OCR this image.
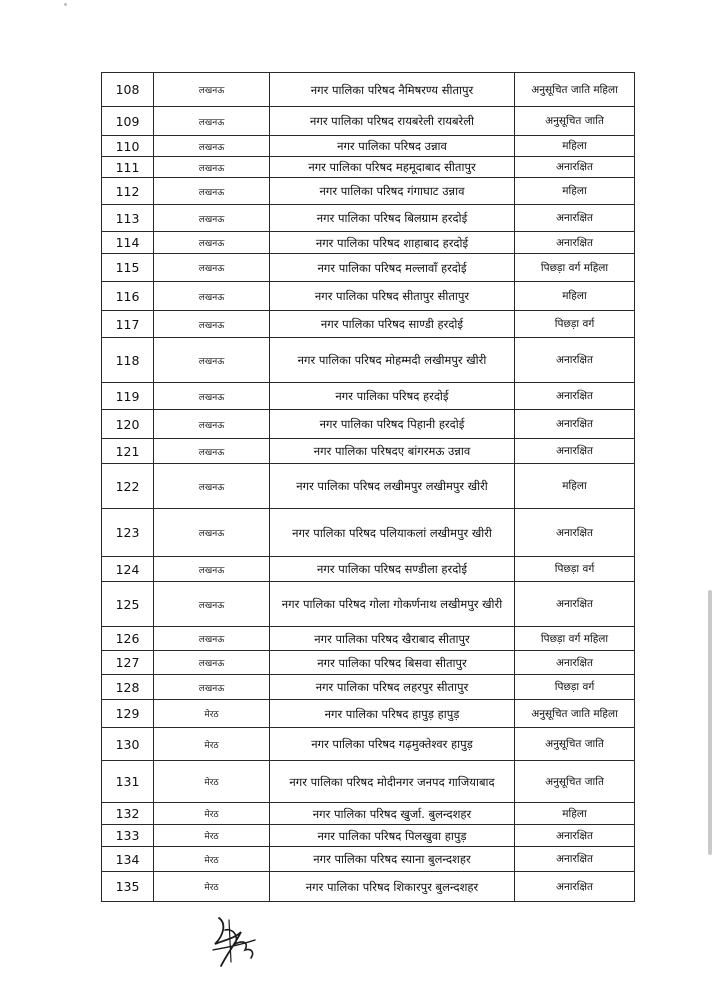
108	लखनऊ	नगर पालिका परिषद नैमिषरण्य सीतापुर	अनुसूचित जाति महिला
109	लखनऊ	नगर पालिका परिषद रायबरेली रायबरेली	अनुसूचित जाति
110	लखनऊ	नगर पालिका परिषद उन्नाव	महिला
111	लखनऊ	नगर पालिका परिषद महमूदाबाद सीतापुर	अनारक्षित
112	लखनऊ	नगर पालिका परिषद गंगाघाट उन्नाव	महिला
113	लखनऊ	नगर पालिका परिषद बिलग्राम हरदोई	अनारक्षित
114	लखनऊ	नगर पालिका परिषद शाहाबाद हरदोई	अनारक्षित
115	लखनऊ	नगर पालिका परिषद मल्लावाँ हरदोई	पिछड़ा वर्ग महिला
116	लखनऊ	नगर पालिका परिषद सीतापुर सीतापुर	महिला
117	लखनऊ	नगर पालिका परिषद साण्डी हरदोई	पिछड़ा वर्ग
118	लखनऊ	नगर पालिका परिषद मोहम्मदी लखीमपुर खीरी	अनारक्षित
119	लखनऊ	नगर पालिका परिषद हरदोई	अनारक्षित
120	लखनऊ	नगर पालिका परिषद पिहानी हरदोई	अनारक्षित
121	लखनऊ	नगर पालिका परिषदए बांगरमऊ उन्नाव	अनारक्षित
122	लखनऊ	नगर पालिका परिषद लखीमपुर लखीमपुर खीरी	महिला
123	लखनऊ	नगर पालिका परिषद पलियाकलां लखीमपुर खीरी	अनारक्षित
124	लखनऊ	नगर पालिका परिषद सण्डीला हरदोई	पिछड़ा वर्ग
125	लखनऊ	नगर पालिका परिषद गोला गोकर्णनाथ लखीमपुर खीरी	अनारक्षित
126	लखनऊ	नगर पालिका परिषद खैराबाद सीतापुर	पिछड़ा वर्ग महिला
127	लखनऊ	नगर पालिका परिषद बिसवा सीतापुर	अनारक्षित
128	लखनऊ	नगर पालिका परिषद लहरपुर सीतापुर	पिछड़ा वर्ग
129	मेरठ	नगर पालिका परिषद हापुड़ हापुड़	अनुसूचित जाति महिला
130	मेरठ	नगर पालिका परिषद गढ़मुक्तेश्वर हापुड़	अनुसूचित जाति
131	मेरठ	नगर पालिका परिषद मोदीनगर जनपद गाजियाबाद	अनुसूचित जाति
132	मेरठ	नगर पालिका परिषद खुर्जा. बुलन्दशहर	महिला
133	मेरठ	नगर पालिका परिषद पिलखुवा हापुड़	अनारक्षित
134	मेरठ	नगर पालिका परिषद स्याना बुलन्दशहर	अनारक्षित
135	मेरठ	नगर पालिका परिषद शिकारपुर बुलन्दशहर	अनारक्षित
